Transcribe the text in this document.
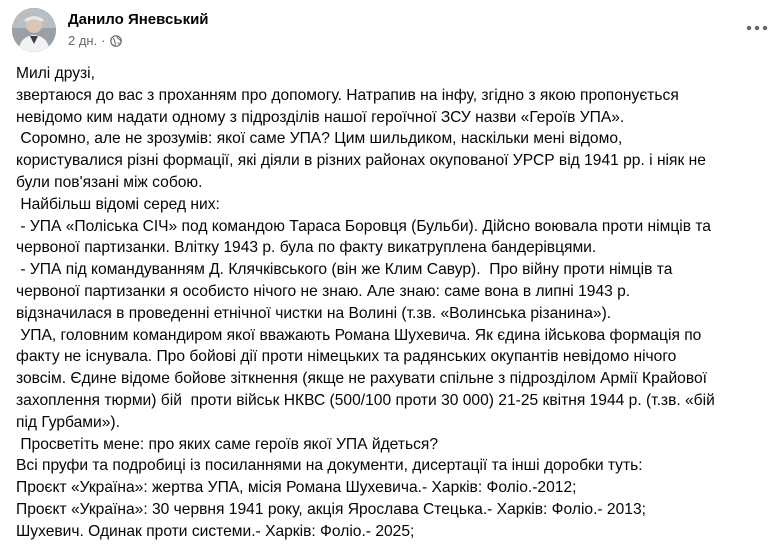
Данило Яневський
2 дн. ·
Милі друзі,
звертаюся до вас з проханням про допомогу. Натрапив на інфу, згідно з якою пропонується
невідомо ким надати одному з підрозділів нашої героїчної ЗСУ назви «Героїв УПА».
Соромно, але не зрозумів: якої саме УПА? Цим шильдиком, наскільки мені відомо,
користувалися різні формації, які діяли в різних районах окупованої УРСР від 1941 рр. і ніяк не
були пов'язані між собою.
Найбільш відомі серед них:
- УПА «Поліська СІЧ» под командою Тараса Боровця (Бульби). Дійсно воювала проти німців та
червоної партизанки. Влітку 1943 р. була по факту викатруплена бандерівцями.
- УПА під командуванням Д. Клячківського (він же Клим Савур).  Про війну проти німців та
червоної партизанки я особисто нічого не знаю. Але знаю: саме вона в липні 1943 р.
відзначилася в проведенні етнічної чистки на Волині (т.зв. «Волинська різанина»).
УПА, головним командиром якої вважають Романа Шухевича. Як єдина ійськова формація по
факту не існувала. Про бойові дії проти німецьких та радянських окупантів невідомо нічого
зовсім. Єдине відоме бойове зіткнення (якще не рахувати спільне з підрозділом Армії Крайової
захоплення тюрми) бій  проти військ НКВС (500/100 проти 30 000) 21-25 квітня 1944 р. (т.зв. «бій
під Гурбами»).
Просветіть мене: про яких саме героїв якої УПА йдеться?
Всі пруфи та подробиці із посиланнями на документи, дисертації та інші доробки туть:
Проєкт «Україна»: жертва УПА, місія Романа Шухевича.- Харків: Фоліо.-2012;
Проєкт «Україна»: 30 червня 1941 року, акція Ярослава Стецька.- Харків: Фоліо.- 2013;
Шухевич. Одинак проти системи.- Харків: Фоліо.- 2025;
